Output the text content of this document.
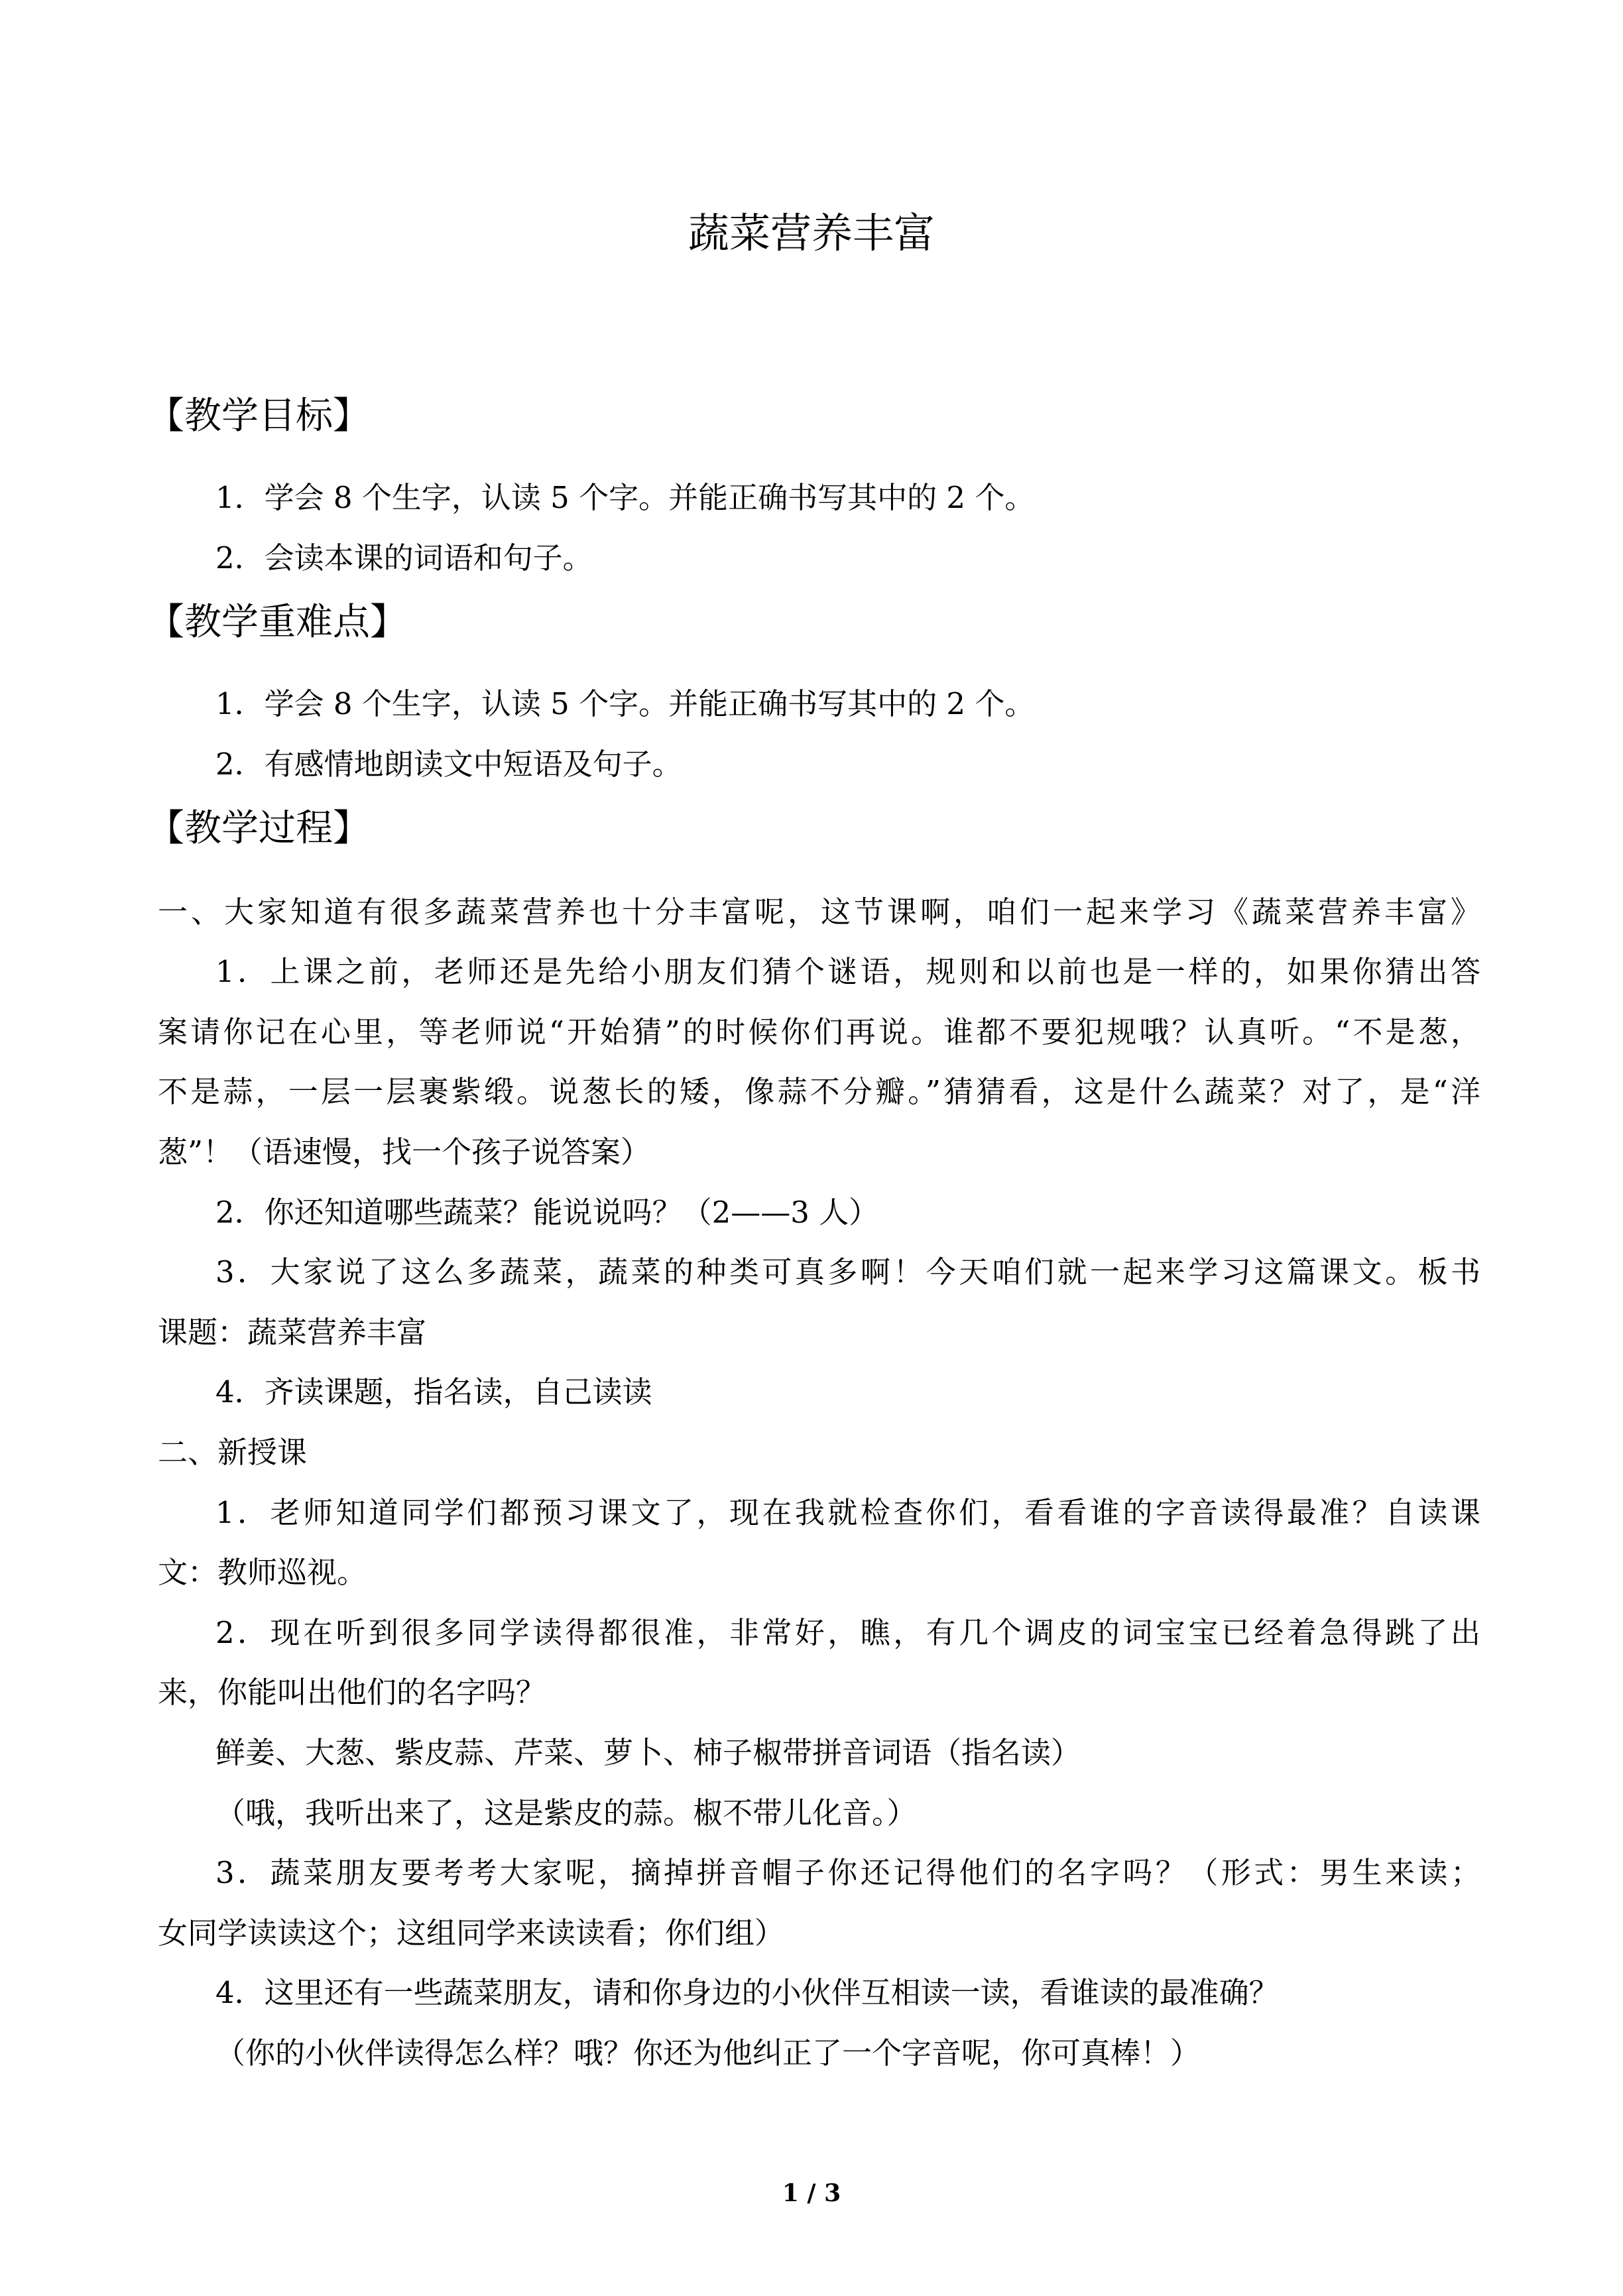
蔬菜营养丰富
【教学目标】
1．学会 8 个生字，认读 5 个字。并能正确书写其中的 2 个。
2．会读本课的词语和句子。
【教学重难点】
1．学会 8 个生字，认读 5 个字。并能正确书写其中的 2 个。
2．有感情地朗读文中短语及句子。
【教学过程】
一、大家知道有很多蔬菜营养也十分丰富呢，这节课啊，咱们一起来学习《蔬菜营养丰富》
1．上课之前，老师还是先给小朋友们猜个谜语，规则和以前也是一样的，如果你猜出答
案请你记在心里，等老师说“开始猜”的时候你们再说。谁都不要犯规哦？认真听。“不是葱，
不是蒜，一层一层裹紫缎。说葱长的矮，像蒜不分瓣。”猜猜看，这是什么蔬菜？对了，是“洋
葱”！（语速慢，找一个孩子说答案）
2．你还知道哪些蔬菜？能说说吗？（2——3 人）
3．大家说了这么多蔬菜，蔬菜的种类可真多啊！今天咱们就一起来学习这篇课文。板书
课题：蔬菜营养丰富
4．齐读课题，指名读，自己读读
二、新授课
1．老师知道同学们都预习课文了，现在我就检查你们，看看谁的字音读得最准？自读课
文：教师巡视。
2．现在听到很多同学读得都很准，非常好，瞧，有几个调皮的词宝宝已经着急得跳了出
来，你能叫出他们的名字吗？
鲜姜、大葱、紫皮蒜、芹菜、萝卜、柿子椒带拼音词语（指名读）
（哦，我听出来了，这是紫皮的蒜。椒不带儿化音。）
3．蔬菜朋友要考考大家呢，摘掉拼音帽子你还记得他们的名字吗？（形式：男生来读；
女同学读读这个；这组同学来读读看；你们组）
4．这里还有一些蔬菜朋友，请和你身边的小伙伴互相读一读，看谁读的最准确？
（你的小伙伴读得怎么样？哦？你还为他纠正了一个字音呢，你可真棒！）
1 / 3
